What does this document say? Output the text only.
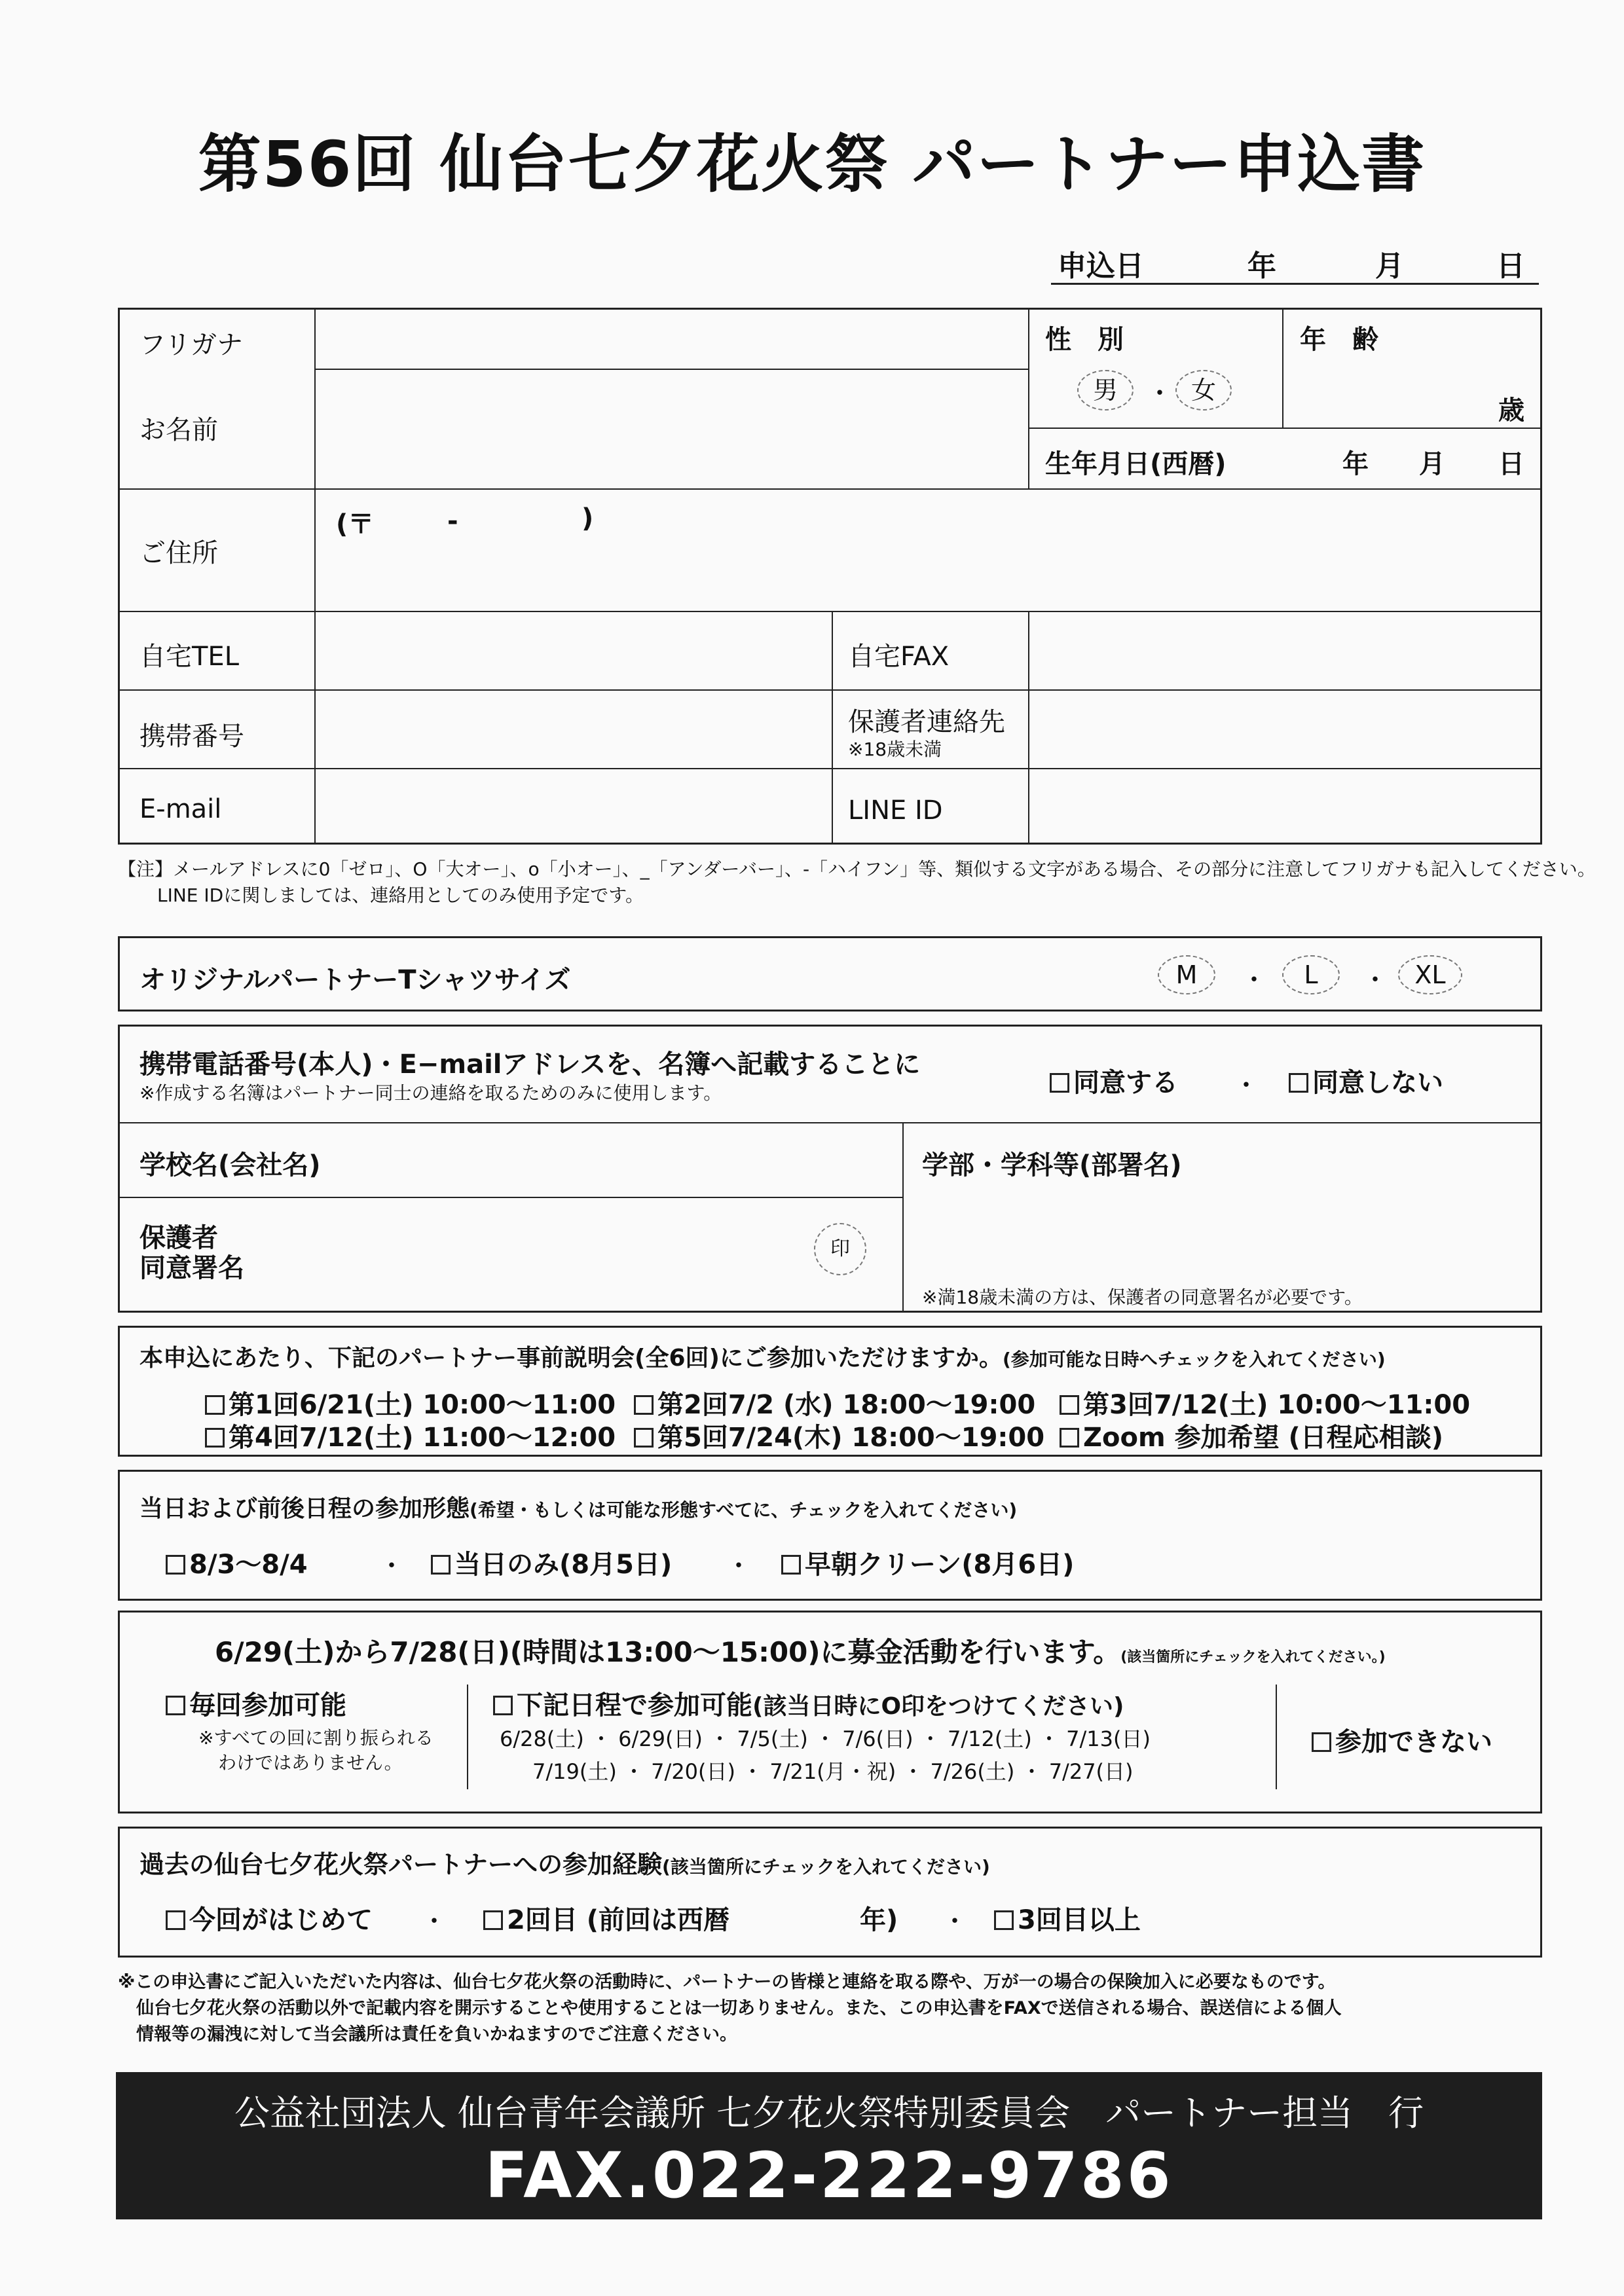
第56回 仙台七夕花火祭 パートナー申込書
申込日	年	月	日
フリガナ
お名前
性　別
男	・ 女
年　齢
歳
生年月日(西暦)	年 月 日
ご住所
(〒	-	)
自宅TEL	自宅FAX
携帯番号	保護者連絡先
※18歳未満
E-mail	LINE ID
【注】メールアドレスに0「ゼロ」、O「大オー」、o「小オー」、_「アンダーバー」、-「ハイフン」等、類似する文字がある場合、その部分に注意してフリガナも記入してください。
LINE IDに関しましては、連絡用としてのみ使用予定です。
オリジナルパートナーTシャツサイズ	M	・	L	・	XL
携帯電話番号(本人)・E−mailアドレスを、名簿へ記載することに
※作成する名簿はパートナー同士の連絡を取るためのみに使用します。	同意する ・	同意しない
学校名(会社名)	学部・学科等(部署名)
保護者
同意署名
印
※満18歳未満の方は、保護者の同意署名が必要です。
本申込にあたり、下記のパートナー事前説明会(全6回)にご参加いただけますか。(参加可能な日時へチェックを入れてください)
第1回6/21(土) 10:00〜11:00	第2回7/2 (水) 18:00〜19:00	第3回7/12(土) 10:00〜11:00
第4回7/12(土) 11:00〜12:00	第5回7/24(木) 18:00〜19:00	Zoom 参加希望 (日程応相談)
当日および前後日程の参加形態(希望・もしくは可能な形態すべてに、チェックを入れてください)
8/3〜8/4	・	当日のみ(8月5日) ・	早朝クリーン(8月6日)
6/29(土)から7/28(日)(時間は13:00〜15:00)に募金活動を行います。(該当箇所にチェックを入れてください。)
毎回参加可能
※すべての回に割り振られる
わけではありません。
下記日程で参加可能(該当日時にO印をつけてください)
6/28(土) ・ 6/29(日) ・ 7/5(土) ・ 7/6(日) ・ 7/12(土) ・ 7/13(日)
7/19(土) ・ 7/20(日) ・ 7/21(月・祝) ・ 7/26(土) ・ 7/27(日)
参加できない
過去の仙台七夕花火祭パートナーへの参加経験(該当箇所にチェックを入れてください)
今回がはじめて ・	2回目 (前回は西暦	年) ・	3回目以上
※この申込書にご記入いただいた内容は、仙台七夕花火祭の活動時に、パートナーの皆様と連絡を取る際や、万が一の場合の保険加入に必要なものです。
仙台七夕花火祭の活動以外で記載内容を開示することや使用することは一切ありません。また、この申込書をFAXで送信される場合、誤送信による個人
情報等の漏洩に対して当会議所は責任を負いかねますのでご注意ください。
公益社団法人 仙台青年会議所 七夕花火祭特別委員会　パートナー担当　行
FAX.022-222-9786
